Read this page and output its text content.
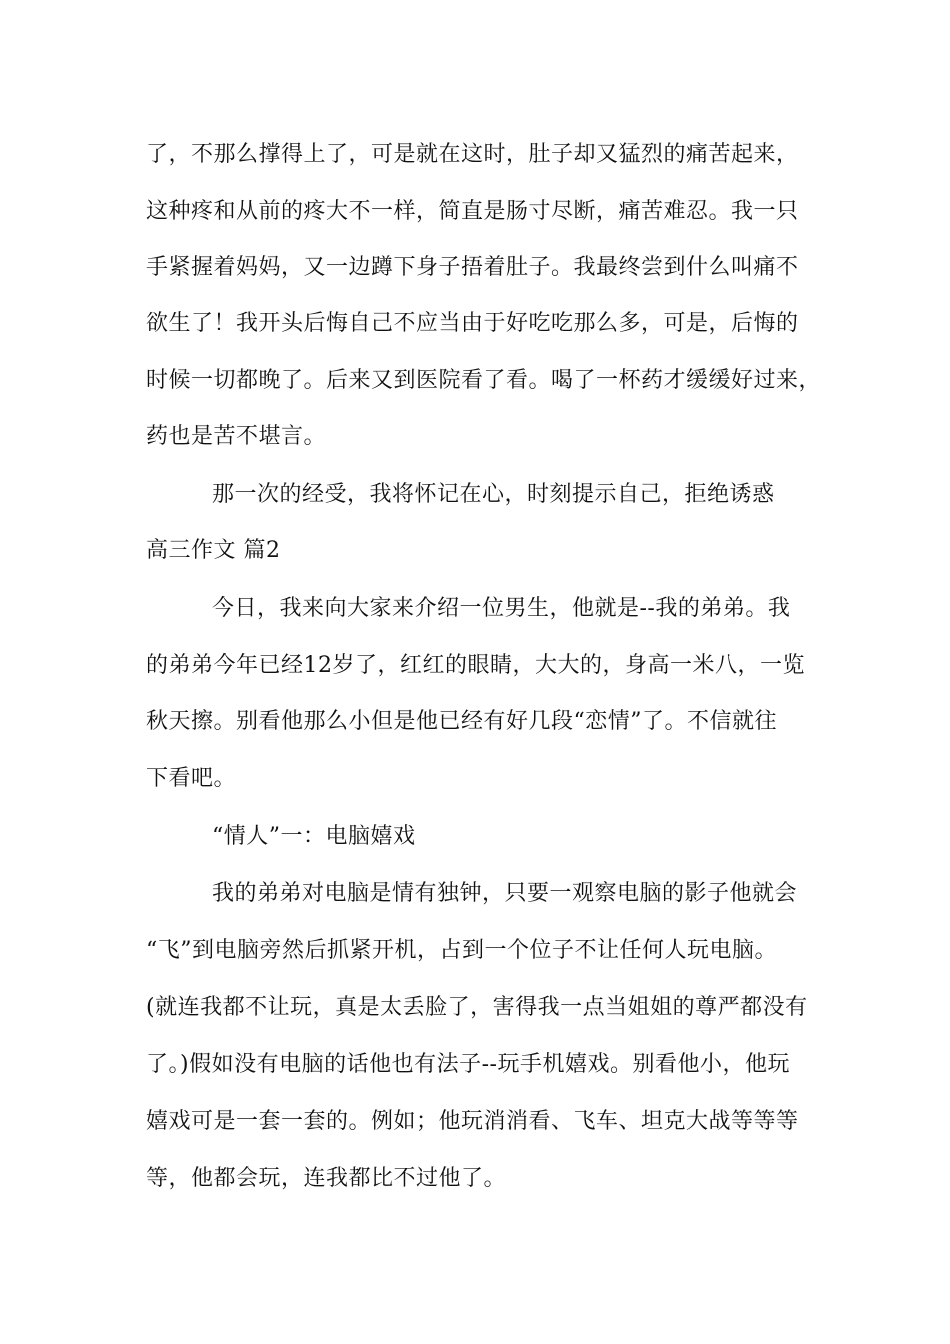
了，不那么撑得上了，可是就在这时，肚子却又猛烈的痛苦起来，
这种疼和从前的疼大不一样，简直是肠寸尽断，痛苦难忍。我一只
手紧握着妈妈，又一边蹲下身子捂着肚子。我最终尝到什么叫痛不
欲生了！我开头后悔自己不应当由于好吃吃那么多，可是，后悔的
时候一切都晚了。后来又到医院看了看。喝了一杯药才缓缓好过来，
药也是苦不堪言。
那一次的经受，我将怀记在心，时刻提示自己，拒绝诱惑
高三作文 篇2
今日，我来向大家来介绍一位男生，他就是--我的弟弟。我
的弟弟今年已经12岁了，红红的眼睛，大大的，身高一米八，一览
秋天擦。别看他那么小但是他已经有好几段“恋情”了。不信就往
下看吧。
“情人”一：电脑嬉戏
我的弟弟对电脑是情有独钟，只要一观察电脑的影子他就会
“飞”到电脑旁然后抓紧开机，占到一个位子不让任何人玩电脑。
(就连我都不让玩，真是太丢脸了，害得我一点当姐姐的尊严都没有
了。)假如没有电脑的话他也有法子--玩手机嬉戏。别看他小，他玩
嬉戏可是一套一套的。例如；他玩消消看、飞车、坦克大战等等等
等，他都会玩，连我都比不过他了。
